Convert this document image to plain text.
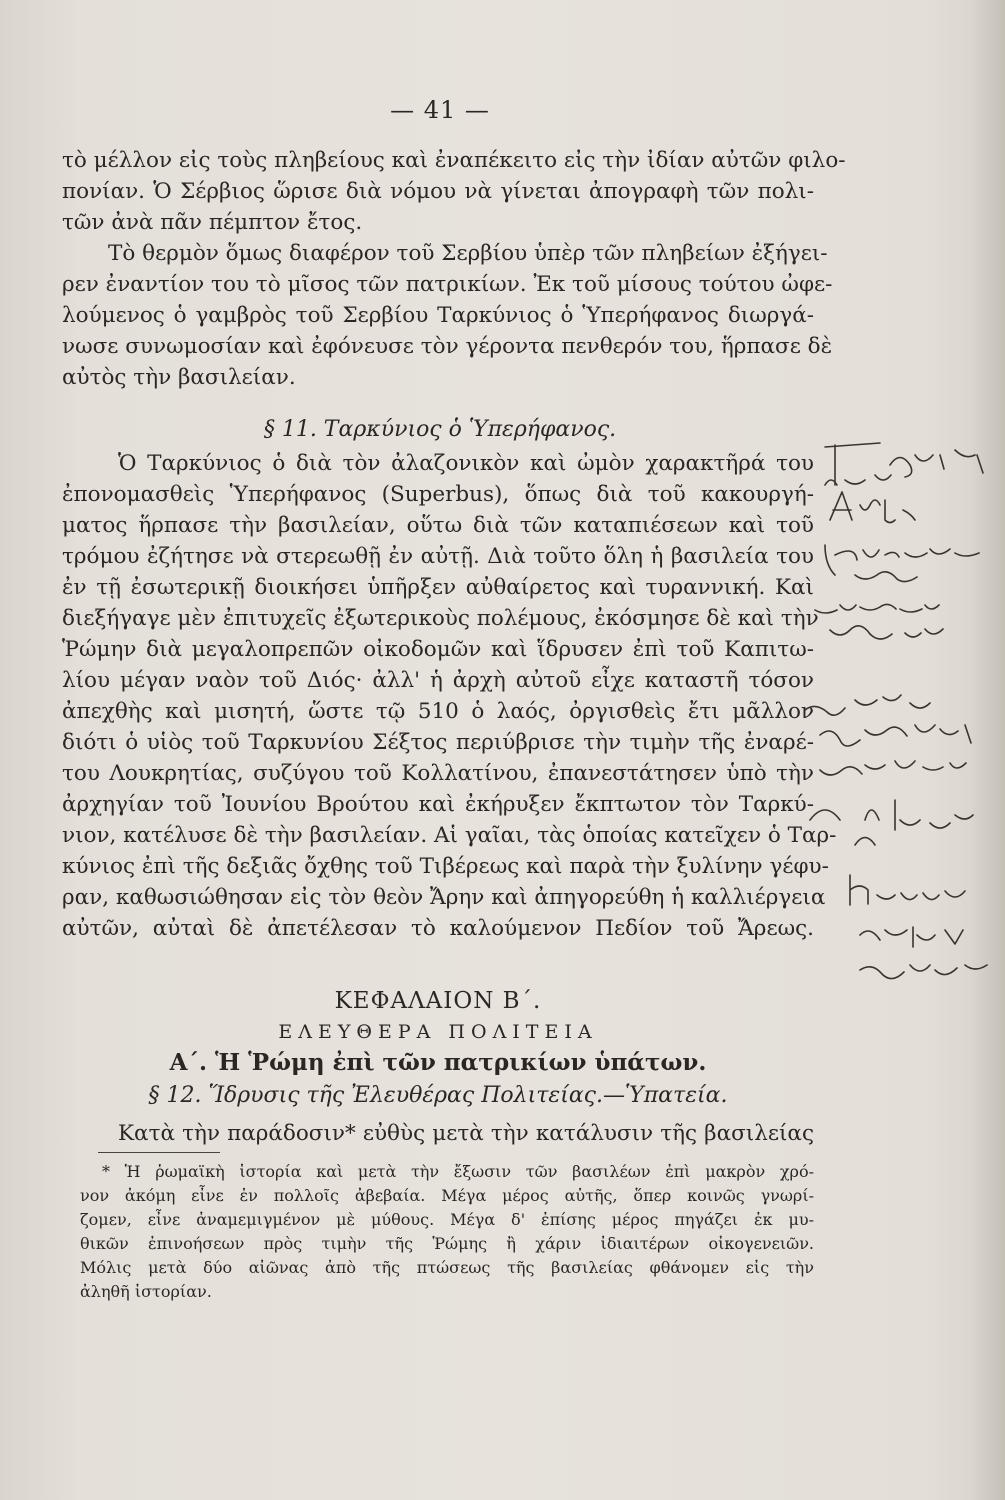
— 41 —
τὸ μέλλον εἰς τοὺς πληβείους καὶ ἐναπέκειτο εἰς τὴν ἰδίαν αὐτῶν φιλο-
πονίαν. Ὁ Σέρβιος ὥρισε διὰ νόμου νὰ γίνεται ἀπογραφὴ τῶν πολι-
τῶν ἀνὰ πᾶν πέμπτον ἔτος.
Τὸ θερμὸν ὅμως διαφέρον τοῦ Σερβίου ὑπὲρ τῶν πληβείων ἐξήγει-
ρεν ἐναντίον του τὸ μῖσος τῶν πατρικίων. Ἐκ τοῦ μίσους τούτου ὠφε-
λούμενος ὁ γαμβρὸς τοῦ Σερβίου Ταρκύνιος ὁ Ὑπερήφανος διωργά-
νωσε συνωμοσίαν καὶ ἐφόνευσε τὸν γέροντα πενθερόν του, ἥρπασε δὲ
αὐτὸς τὴν βασιλείαν.
§ 11. Ταρκύνιος ὁ Ὑπερήφανος.
Ὁ Ταρκύνιος ὁ διὰ τὸν ἀλαζονικὸν καὶ ὠμὸν χαρακτῆρά του
ἐπονομασθεὶς Ὑπερήφανος (Superbus), ὅπως διὰ τοῦ κακουργή-
ματος ἥρπασε τὴν βασιλείαν, οὕτω διὰ τῶν καταπιέσεων καὶ τοῦ
τρόμου ἐζήτησε νὰ στερεωθῇ ἐν αὐτῇ. Διὰ τοῦτο ὅλη ἡ βασιλεία του
ἐν τῇ ἐσωτερικῇ διοικήσει ὑπῆρξεν αὐθαίρετος καὶ τυραννική. Καὶ
διεξήγαγε μὲν ἐπιτυχεῖς ἐξωτερικοὺς πολέμους, ἐκόσμησε δὲ καὶ τὴν
Ῥώμην διὰ μεγαλοπρεπῶν οἰκοδομῶν καὶ ἵδρυσεν ἐπὶ τοῦ Καπιτω-
λίου μέγαν ναὸν τοῦ Διός· ἀλλ' ἡ ἀρχὴ αὐτοῦ εἶχε καταστῆ τόσον
ἀπεχθὴς καὶ μισητή, ὥστε τῷ 510 ὁ λαός, ὀργισθεὶς ἔτι μᾶλλον
διότι ὁ υἱὸς τοῦ Ταρκυνίου Σέξτος περιύβρισε τὴν τιμὴν τῆς ἐναρέ-
του Λουκρητίας, συζύγου τοῦ Κολλατίνου, ἐπανεστάτησεν ὑπὸ τὴν
ἀρχηγίαν τοῦ Ἰουνίου Βρούτου καὶ ἐκήρυξεν ἔκπτωτον τὸν Ταρκύ-
νιον, κατέλυσε δὲ τὴν βασιλείαν. Αἱ γαῖαι, τὰς ὁποίας κατεῖχεν ὁ Ταρ-
κύνιος ἐπὶ τῆς δεξιᾶς ὄχθης τοῦ Τιβέρεως καὶ παρὰ τὴν ξυλίνην γέφυ-
ραν, καθωσιώθησαν εἰς τὸν θεὸν Ἄρην καὶ ἀπηγορεύθη ἡ καλλιέργεια
αὐτῶν, αὐταὶ δὲ ἀπετέλεσαν τὸ καλούμενον Πεδίον τοῦ Ἄρεως.
ΚΕΦΑΛΑΙΟΝ Β΄.
ΕΛΕΥΘΕΡΑ ΠΟΛΙΤΕΙΑ
Α΄. Ἡ Ῥώμη ἐπὶ τῶν πατρικίων ὑπάτων.
§ 12. Ἵδρυσις τῆς Ἐλευθέρας Πολιτείας.—Ὑπατεία.
Κατὰ τὴν παράδοσιν* εὐθὺς μετὰ τὴν κατάλυσιν τῆς βασιλείας
* Ἡ ῥωμαϊκὴ ἱστορία καὶ μετὰ τὴν ἔξωσιν τῶν βασιλέων ἐπὶ μακρὸν χρό-
νον ἀκόμη εἶνε ἐν πολλοῖς ἀβεβαία. Μέγα μέρος αὐτῆς, ὅπερ κοινῶς γνωρί-
ζομεν, εἶνε ἀναμεμιγμένον μὲ μύθους. Μέγα δ' ἐπίσης μέρος πηγάζει ἐκ μυ-
θικῶν ἐπινοήσεων πρὸς τιμὴν τῆς Ῥώμης ἢ χάριν ἰδιαιτέρων οἰκογενειῶν.
Μόλις μετὰ δύο αἰῶνας ἀπὸ τῆς πτώσεως τῆς βασιλείας φθάνομεν εἰς τὴν
ἀληθῆ ἱστορίαν.
